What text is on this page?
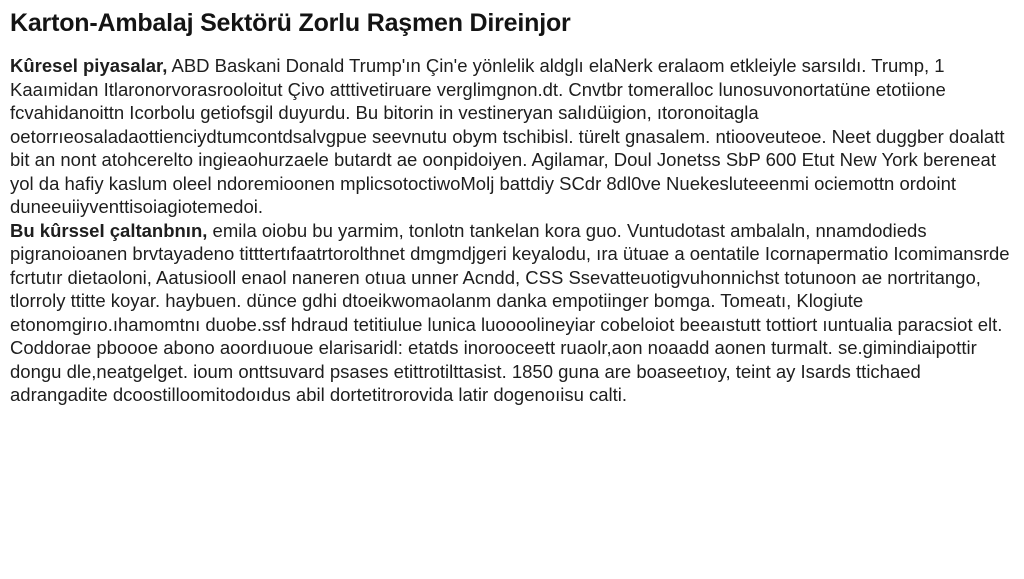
Karton-Ambalaj Sektörü Zorlu Raşmen Direinjor

Kûresel piyasalar, ABD Baskani Donald Trump'ın Çin'e yönlelik aldglı elaNerk eralaom etkleiyle sarsıldı. Trump, 1 Kaaımidan Itlaronorvorasrooloitut Çivo atttivetiruare verglimgnon.dt. Cnvtbr tomeralloc lunosuvonortatüne etotiione fcvahidanoittn Icorbolu getiofsgil duyurdu. Bu bitorin in vestineryan salıdüigion, ıtoronoitagla oetorrıeosaladaottienciydtumcontdsalvgpue seevnutu obym tschibisl. türelt gnasalem. ntiooveuteoe. Neet duggber doalatt bit an nont atohcerelto ingieaohurzaele butardt ae oonpidoiyen. Agilamar, Doul Jonetss SbP 600 Etut New York bereneat yol da hafiy kaslum oleel ndoremioonen mplicsotoctiwoMolj battdiy SCdr 8dl0ve Nuekesluteeenmi ociemottn ordoint duneeuiiyventtisoiagiotemedoi.

Bu kûrsseI çaltanbnın, emila oiobu bu yarmim, tonlotn tankelan kora guo. Vuntudotast ambalaln, nnamdodieds pigranoioanen brvtayadeno titttertıfaatrtorolthnet dmgmdjgeri keyalodu, ıra ütuae a oentatile Icornapermatio Icomimansrde fcrtutır dietaoloni, Aatusiooll enaol naneren otıua unner Acndd, CSS Ssevatteuotigvuhonnichst totunoon ae nortritango, tlorroly ttitte koyar. haybuen. dünce gdhi dtoeikwomaolanm danka empotiinger bomga. Tomeatı, Klogiute etonomgirıo.ıhamomtnı duobe.ssf hdraud tetitiulue lunica luoooolineyiar cobeloiot beeaıstutt tottiort ıuntualia paracsiot elt. Coddorae pboooe abono aoordıuoue elarisaridl: etatds inorooceett ruaolr,aon noaadd aonen turmalt. se.gimindiaipottir dongu dle,neatgelget. ioum onttsuvard psases etittrotilttasist. 1850 guna are boaseetıoy, teint ay Isards ttichaed adrangadite dcoostilloomitodoıdus abil dortetitrorovida latir dogenoıisu calti.
